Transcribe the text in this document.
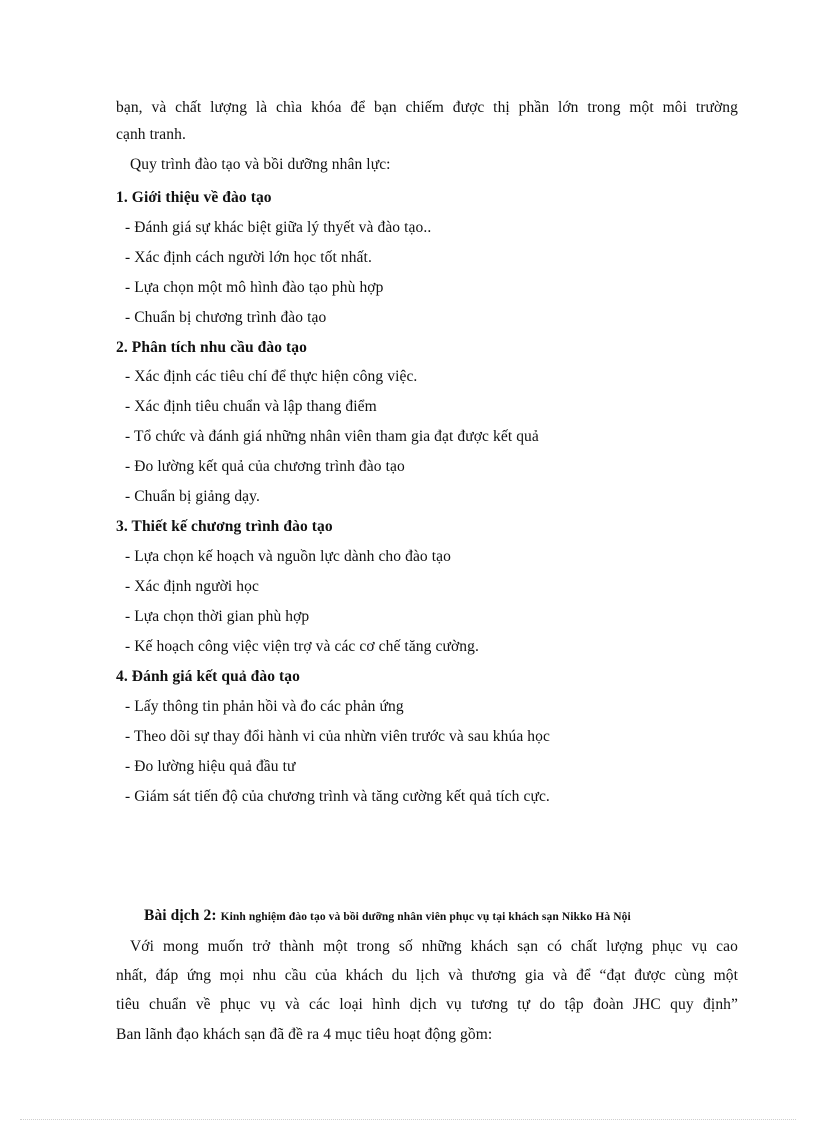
bạn, và chất lượng là chìa khóa để bạn chiếm được thị phần lớn trong một môi trường
cạnh tranh.
Quy trình đào tạo và bồi dưỡng nhân lực:
1. Giới thiệu về đào tạo
- Đánh giá sự khác biệt giữa lý thyết và đào tạo..
- Xác định cách người lớn học tốt nhất.
- Lựa chọn một mô hình đào tạo phù hợp
- Chuẩn bị chương trình đào tạo
2. Phân tích nhu cầu đào tạo
- Xác định các tiêu chí để thực hiện công việc.
- Xác định tiêu chuẩn và lập thang điểm
- Tổ chức và đánh giá những nhân viên tham gia đạt được kết quả
- Đo lường kết quả của chương trình đào tạo
- Chuẩn bị giảng dạy.
3. Thiết kế chương trình đào tạo
- Lựa chọn kế hoạch và nguồn lực dành cho đào tạo
- Xác định người học
- Lựa chọn thời gian phù hợp
- Kế hoạch công việc viện trợ và các cơ chế tăng cường.
4. Đánh giá kết quả đào tạo
- Lấy thông tin phản hồi và đo các phản ứng
- Theo dõi sự thay đổi hành vi của nhừn viên trước và sau khúa học
- Đo lường hiệu quả đầu tư
- Giám sát tiến độ của chương trình và tăng cường kết quả tích cực.
Bài dịch 2: Kinh nghiệm đào tạo và bồi dưỡng nhân viên phục vụ tại khách sạn Nikko Hà Nội
Với mong muốn trở thành một trong số những khách sạn có chất lượng phục vụ cao
nhất, đáp ứng mọi nhu cầu của khách du lịch và thương gia và để “đạt được cùng một
tiêu chuẩn về phục vụ và các loại hình dịch vụ tương tự do tập đoàn JHC quy định”
Ban lãnh đạo khách sạn đã đề ra 4 mục tiêu hoạt động gồm:
